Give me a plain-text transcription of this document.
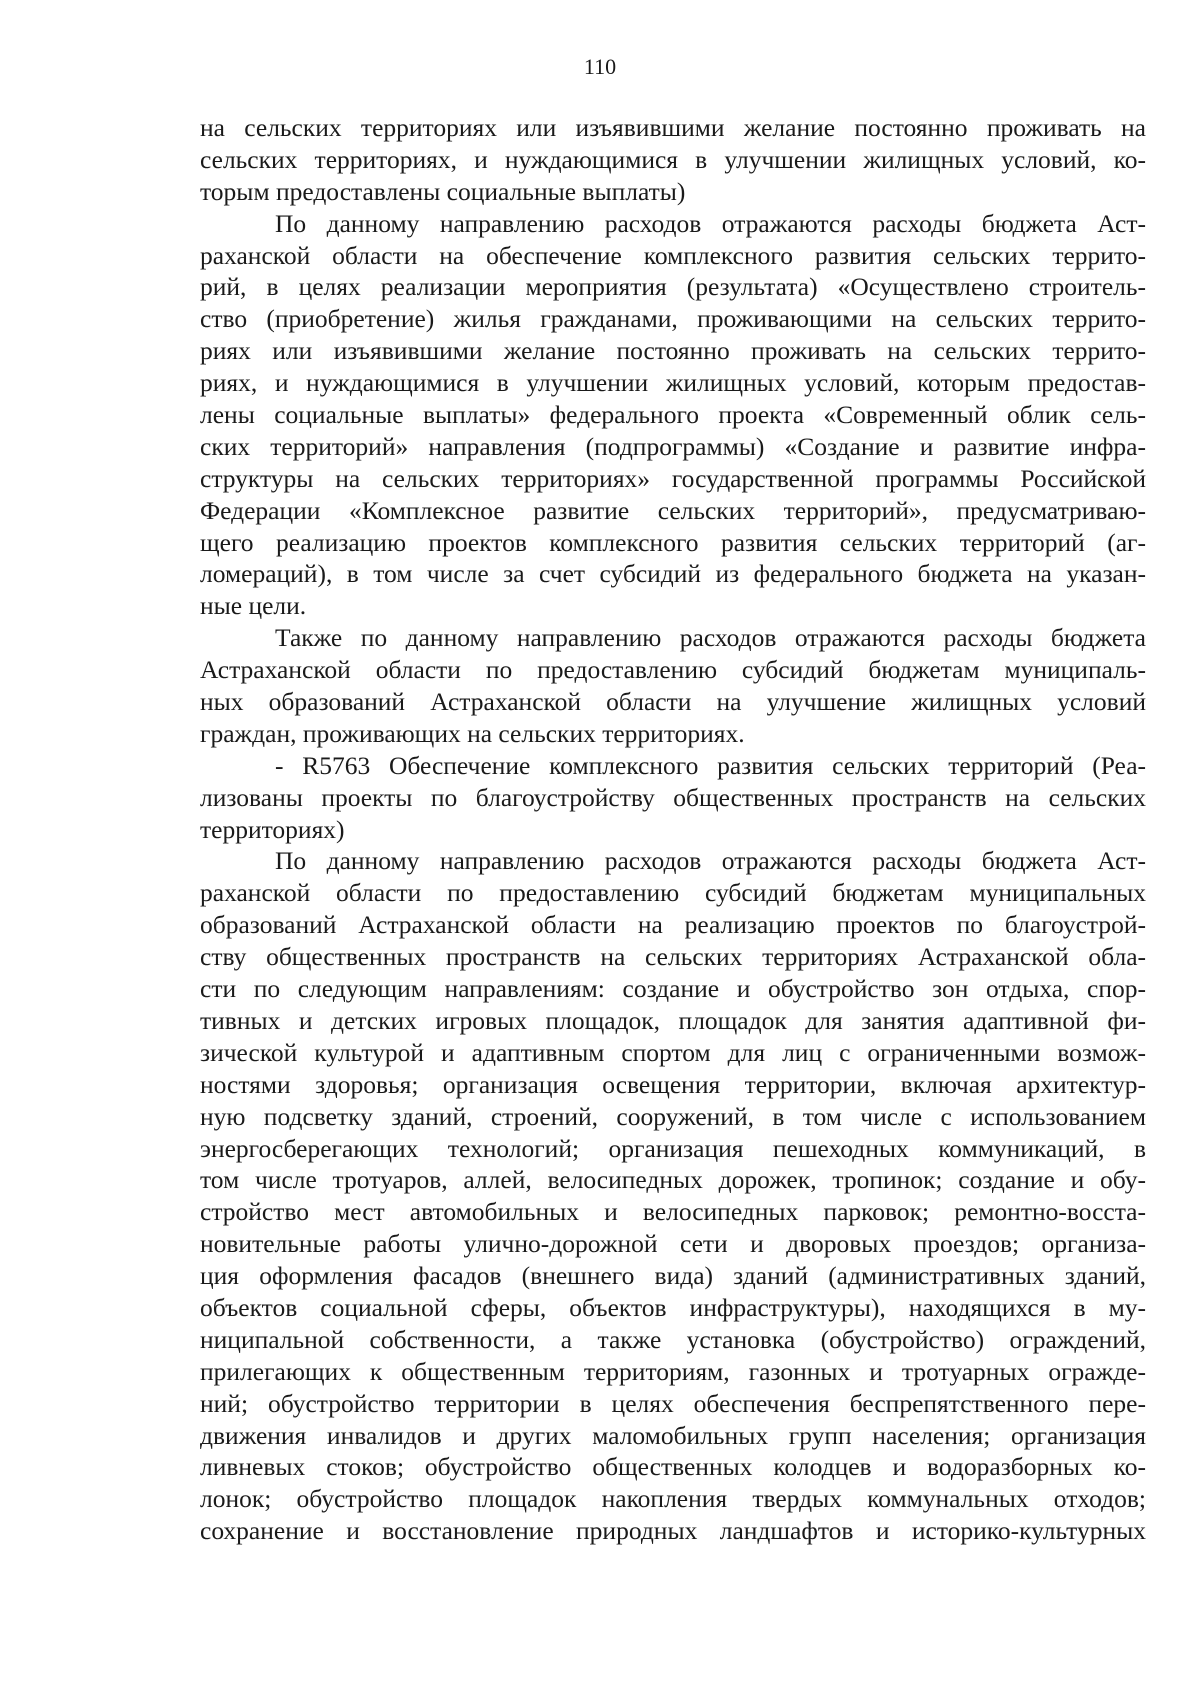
110
на сельских территориях или изъявившими желание постоянно проживать на
сельских территориях, и нуждающимися в улучшении жилищных условий, ко-
торым предоставлены социальные выплаты)
По данному направлению расходов отражаются расходы бюджета Аст-
раханской области на обеспечение комплексного развития сельских террито-
рий, в целях реализации мероприятия (результата) «Осуществлено строитель-
ство (приобретение) жилья гражданами, проживающими на сельских террито-
риях или изъявившими желание постоянно проживать на сельских террито-
риях, и нуждающимися в улучшении жилищных условий, которым предостав-
лены социальные выплаты» федерального проекта «Современный облик сель-
ских территорий» направления (подпрограммы) «Создание и развитие инфра-
структуры на сельских территориях» государственной программы Российской
Федерации «Комплексное развитие сельских территорий», предусматриваю-
щего реализацию проектов комплексного развития сельских территорий (аг-
ломераций), в том числе за счет субсидий из федерального бюджета на указан-
ные цели.
Также по данному направлению расходов отражаются расходы бюджета
Астраханской области по предоставлению субсидий бюджетам муниципаль-
ных образований Астраханской области на улучшение жилищных условий
граждан, проживающих на сельских территориях.
- R5763 Обеспечение комплексного развития сельских территорий (Реа-
лизованы проекты по благоустройству общественных пространств на сельских
территориях)
По данному направлению расходов отражаются расходы бюджета Аст-
раханской области по предоставлению субсидий бюджетам муниципальных
образований Астраханской области на реализацию проектов по благоустрой-
ству общественных пространств на сельских территориях Астраханской обла-
сти по следующим направлениям: создание и обустройство зон отдыха, спор-
тивных и детских игровых площадок, площадок для занятия адаптивной фи-
зической культурой и адаптивным спортом для лиц с ограниченными возмож-
ностями здоровья; организация освещения территории, включая архитектур-
ную подсветку зданий, строений, сооружений, в том числе с использованием
энергосберегающих технологий; организация пешеходных коммуникаций, в
том числе тротуаров, аллей, велосипедных дорожек, тропинок; создание и обу-
стройство мест автомобильных и велосипедных парковок; ремонтно-восста-
новительные работы улично-дорожной сети и дворовых проездов; организа-
ция оформления фасадов (внешнего вида) зданий (административных зданий,
объектов социальной сферы, объектов инфраструктуры), находящихся в му-
ниципальной собственности, а также установка (обустройство) ограждений,
прилегающих к общественным территориям, газонных и тротуарных огражде-
ний; обустройство территории в целях обеспечения беспрепятственного пере-
движения инвалидов и других маломобильных групп населения; организация
ливневых стоков; обустройство общественных колодцев и водоразборных ко-
лонок; обустройство площадок накопления твердых коммунальных отходов;
сохранение и восстановление природных ландшафтов и историко-культурных
